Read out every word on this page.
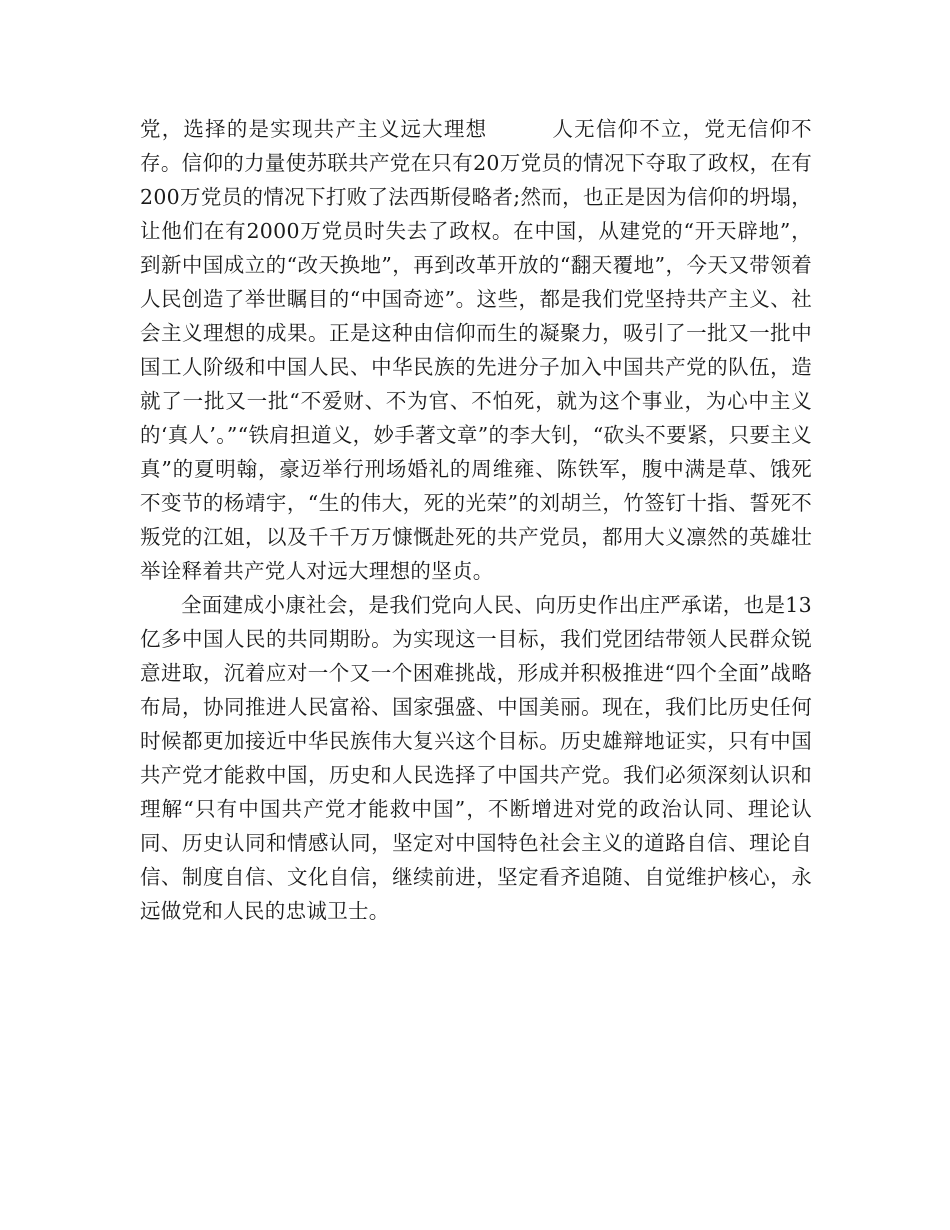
党，选择的是实现共产主义远大理想　　　人无信仰不立，党无信仰不存。信仰的力量使苏联共产党在只有20万党员的情况下夺取了政权，在有200万党员的情况下打败了法西斯侵略者;然而，也正是因为信仰的坍塌，让他们在有2000万党员时失去了政权。在中国，从建党的“开天辟地”，到新中国成立的“改天换地”，再到改革开放的“翻天覆地”，今天又带领着人民创造了举世瞩目的“中国奇迹”。这些，都是我们党坚持共产主义、社会主义理想的成果。正是这种由信仰而生的凝聚力，吸引了一批又一批中国工人阶级和中国人民、中华民族的先进分子加入中国共产党的队伍，造就了一批又一批“不爱财、不为官、不怕死，就为这个事业，为心中主义的‘真人’。”“铁肩担道义，妙手著文章”的李大钊，“砍头不要紧，只要主义真”的夏明翰，豪迈举行刑场婚礼的周维雍、陈铁军，腹中满是草、饿死不变节的杨靖宇，“生的伟大，死的光荣”的刘胡兰，竹签钉十指、誓死不叛党的江姐，以及千千万万慷慨赴死的共产党员，都用大义凛然的英雄壮举诠释着共产党人对远大理想的坚贞。

全面建成小康社会，是我们党向人民、向历史作出庄严承诺，也是13亿多中国人民的共同期盼。为实现这一目标，我们党团结带领人民群众锐意进取，沉着应对一个又一个困难挑战，形成并积极推进“四个全面”战略布局，协同推进人民富裕、国家强盛、中国美丽。现在，我们比历史任何时候都更加接近中华民族伟大复兴这个目标。历史雄辩地证实，只有中国共产党才能救中国，历史和人民选择了中国共产党。我们必须深刻认识和理解“只有中国共产党才能救中国”，不断增进对党的政治认同、理论认同、历史认同和情感认同，坚定对中国特色社会主义的道路自信、理论自信、制度自信、文化自信，继续前进，坚定看齐追随、自觉维护核心，永远做党和人民的忠诚卫士。
